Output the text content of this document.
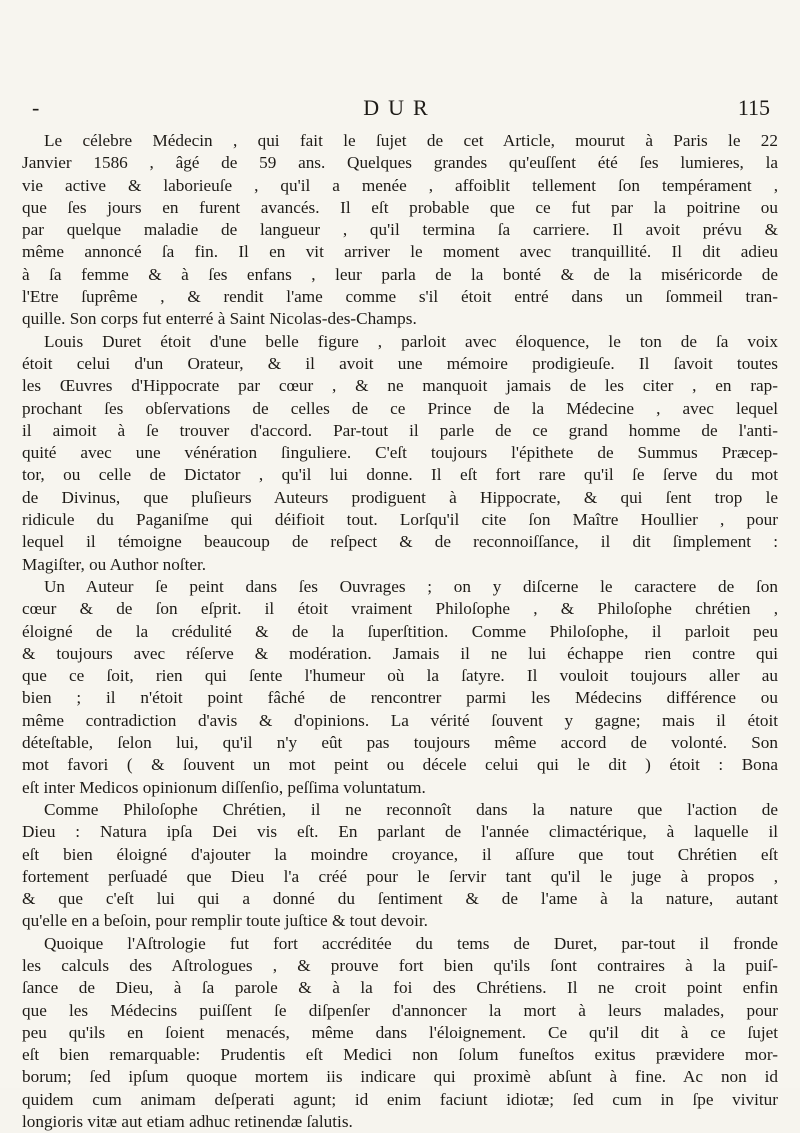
-	DUR	115
Le célebre Médecin , qui fait le ſujet de cet Article, mourut à Paris le 22
Janvier 1586 , âgé de 59 ans. Quelques grandes qu'euſſent été ſes lumieres, la
vie active & laborieuſe , qu'il a menée , affoiblit tellement ſon tempérament ,
que ſes jours en furent avancés. Il eſt probable que ce fut par la poitrine ou
par quelque maladie de langueur , qu'il termina ſa carriere. Il avoit prévu &
même annoncé ſa fin. Il en vit arriver le moment avec tranquillité. Il dit adieu
à ſa femme & à ſes enfans , leur parla de la bonté & de la miséricorde de
l'Etre ſuprême , & rendit l'ame comme s'il étoit entré dans un ſommeil tran-
quille. Son corps fut enterré à Saint Nicolas-des-Champs.
Louis Duret étoit d'une belle figure , parloit avec éloquence, le ton de ſa voix
étoit celui d'un Orateur, & il avoit une mémoire prodigieuſe. Il ſavoit toutes
les Œuvres d'Hippocrate par cœur , & ne manquoit jamais de les citer , en rap-
prochant ſes obſervations de celles de ce Prince de la Médecine , avec lequel
il aimoit à ſe trouver d'accord. Par-tout il parle de ce grand homme de l'anti-
quité avec une vénération ſinguliere. C'eſt toujours l'épithete de Summus Præcep-
tor, ou celle de Dictator , qu'il lui donne. Il eſt fort rare qu'il ſe ſerve du mot
de Divinus, que pluſieurs Auteurs prodiguent à Hippocrate, & qui ſent trop le
ridicule du Paganiſme qui déifioit tout. Lorſqu'il cite ſon Maître Houllier , pour
lequel il témoigne beaucoup de reſpect & de reconnoiſſance, il dit ſimplement :
Magiſter, ou Author noſter.
Un Auteur ſe peint dans ſes Ouvrages ; on y diſcerne le caractere de ſon
cœur & de ſon eſprit. il étoit vraiment Philoſophe , & Philoſophe chrétien ,
éloigné de la crédulité & de la ſuperſtition. Comme Philoſophe, il parloit peu
& toujours avec réſerve & modération. Jamais il ne lui échappe rien contre qui
que ce ſoit, rien qui ſente l'humeur où la ſatyre. Il vouloit toujours aller au
bien ; il n'étoit point fâché de rencontrer parmi les Médecins différence ou
même contradiction d'avis & d'opinions. La vérité ſouvent y gagne; mais il étoit
déteſtable, ſelon lui, qu'il n'y eût pas toujours même accord de volonté. Son
mot favori ( & ſouvent un mot peint ou décele celui qui le dit ) étoit : Bona
eſt inter Medicos opinionum diſſenſio, peſſima voluntatum.
Comme Philoſophe Chrétien, il ne reconnoît dans la nature que l'action de
Dieu : Natura ipſa Dei vis eſt. En parlant de l'année climactérique, à laquelle il
eſt bien éloigné d'ajouter la moindre croyance, il aſſure que tout Chrétien eſt
fortement perſuadé que Dieu l'a créé pour le ſervir tant qu'il le juge à propos ,
& que c'eſt lui qui a donné du ſentiment & de l'ame à la nature, autant
qu'elle en a beſoin, pour remplir toute juſtice & tout devoir.
Quoique l'Aſtrologie fut fort accréditée du tems de Duret, par-tout il fronde
les calculs des Aſtrologues , & prouve fort bien qu'ils ſont contraires à la puiſ-
ſance de Dieu, à ſa parole & à la foi des Chrétiens. Il ne croit point enfin
que les Médecins puiſſent ſe diſpenſer d'annoncer la mort à leurs malades, pour
peu qu'ils en ſoient menacés, même dans l'éloignement. Ce qu'il dit à ce ſujet
eſt bien remarquable: Prudentis eſt Medici non ſolum funeſtos exitus prævidere mor-
borum; ſed ipſum quoque mortem iis indicare qui proximè abſunt à fine. Ac non id
quidem cum animam deſperati agunt; id enim faciunt idiotæ; ſed cum in ſpe vivitur
longioris vitæ aut etiam adhuc retinendæ ſalutis.
